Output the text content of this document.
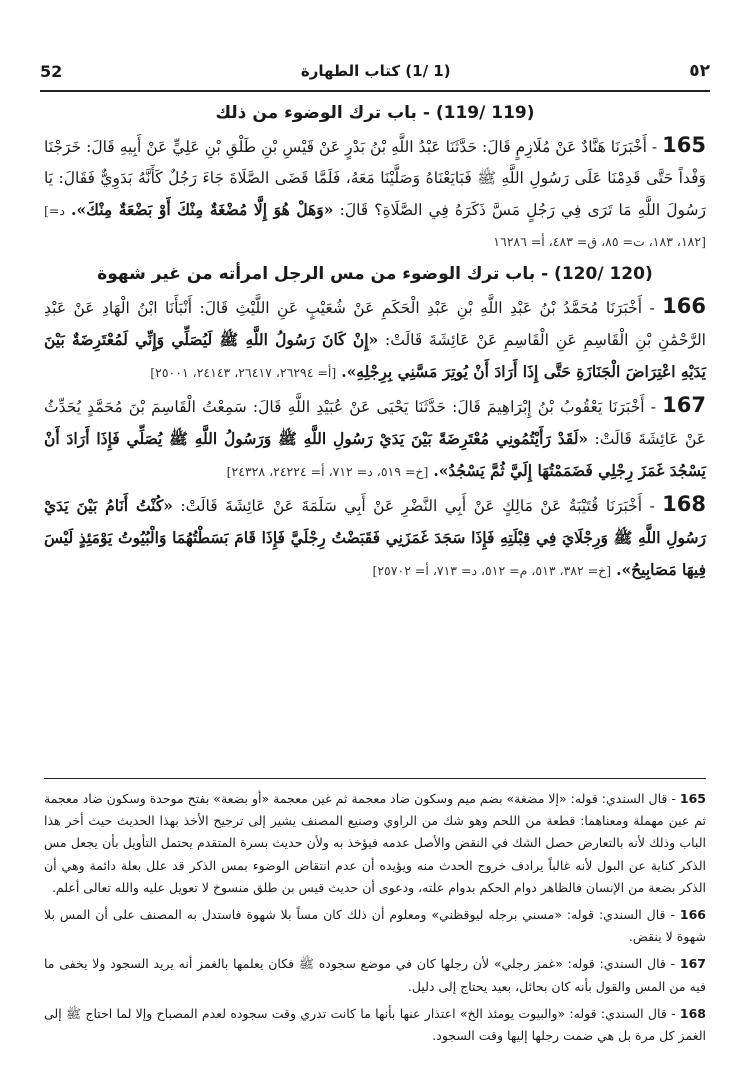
52	(1 /1) كتاب الطهارة	٥٢
(119 /119) - باب ترك الوضوء من ذلك

165 - أَخْبَرَنَا هَنَّادٌ عَنْ مُلَازِمٍ قَالَ: حَدَّثَنَا عَبْدُ اللَّهِ بْنُ بَدْرٍ عَنْ قَيْسِ بْنِ طَلْقِ بْنِ عَلِيٍّ عَنْ أَبِيهِ قَالَ: خَرَجْنَا وَفْداً حَتَّى قَدِمْنَا عَلَى رَسُولِ اللَّهِ ﷺ فَبَايَعْنَاهُ وَصَلَّيْنَا مَعَهُ، فَلَمَّا قَضَى الصَّلَاةَ جَاءَ رَجُلٌ كَأَنَّهُ بَدَوِيٌّ فَقَالَ: يَا رَسُولَ اللَّهِ مَا تَرَى فِي رَجُلٍ مَسَّ ذَكَرَهُ فِي الصَّلَاةِ؟ قَالَ: «وَهَلْ هُوَ إِلَّا مُضْغَةٌ مِنْكَ أَوْ بَضْعَةٌ مِنْكَ». [د= ١٨٢، ١٨٣، ت= ٨٥، ق= ٤٨٣، أ= ١٦٢٨٦]

(120 /120) - باب ترك الوضوء من مس الرجل امرأته من غير شهوة

166 - أَخْبَرَنَا مُحَمَّدُ بْنُ عَبْدِ اللَّهِ بْنِ عَبْدِ الْحَكَمِ عَنْ شُعَيْبٍ عَنِ اللَّيْثِ قَالَ: أَنْبَأَنَا ابْنُ الْهَادِ عَنْ عَبْدِ الرَّحْمَٰنِ بْنِ الْقَاسِمِ عَنِ الْقَاسِمِ عَنْ عَائِشَةَ قَالَتْ: «إِنْ كَانَ رَسُولُ اللَّهِ ﷺ لَيُصَلِّي وَإِنِّي لَمُعْتَرِضَةٌ بَيْنَ يَدَيْهِ اعْتِرَاضَ الْجَنَازَةِ حَتَّى إِذَا أَرَادَ أَنْ يُوتِرَ مَسَّنِي بِرِجْلِهِ». [أ= ٢٦٢٩٤، ٢٦٤١٧، ٢٤١٤٣، ٢٥٠٠١]

167 - أَخْبَرَنَا يَعْقُوبُ بْنُ إِبْرَاهِيمَ قَالَ: حَدَّثَنَا يَحْيَى عَنْ عُبَيْدِ اللَّهِ قَالَ: سَمِعْتُ الْقَاسِمَ بْنَ مُحَمَّدٍ يُحَدِّثُ عَنْ عَائِشَةَ قَالَتْ: «لَقَدْ رَأَيْتُمُونِي مُعْتَرِضَةً بَيْنَ يَدَيْ رَسُولِ اللَّهِ ﷺ وَرَسُولُ اللَّهِ ﷺ يُصَلِّي فَإِذَا أَرَادَ أَنْ يَسْجُدَ غَمَزَ رِجْلِي فَضَمَمْتُهَا إِلَيَّ ثُمَّ يَسْجُدُ». [خ= ٥١٩، د= ٧١٢، أ= ٢٤٢٢٤، ٢٤٣٢٨]

168 - أَخْبَرَنَا قُتَيْبَةُ عَنْ مَالِكٍ عَنْ أَبِي النَّضْرِ عَنْ أَبِي سَلَمَةَ عَنْ عَائِشَةَ قَالَتْ: «كُنْتُ أَنَامُ بَيْنَ يَدَيْ رَسُولِ اللَّهِ ﷺ وَرِجْلَايَ فِي قِبْلَتِهِ فَإِذَا سَجَدَ غَمَزَنِي فَقَبَضْتُ رِجْلَيَّ فَإِذَا قَامَ بَسَطْتُهُمَا وَالْبُيُوتُ يَوْمَئِذٍ لَيْسَ فِيهَا مَصَابِيحُ». [خ= ٣٨٢، ٥١٣، م= ٥١٢، د= ٧١٣، أ= ٢٥٧٠٢]

165 - قال السندي: قوله: «إلا مضغة» بضم ميم وسكون ضاد معجمة ثم غين معجمة «أو بضعة» بفتح موحدة وسكون ضاد معجمة ثم عين مهملة ومعناهما: قطعة من اللحم وهو شك من الراوي وصنيع المصنف يشير إلى ترجيح الأخذ بهذا الحديث حيث أخر هذا الباب وذلك لأنه بالتعارض حصل الشك في النقض والأصل عدمه فيؤخذ به ولأن حديث بسرة المتقدم يحتمل التأويل بأن يجعل مس الذكر كناية عن البول لأنه غالباً يرادف خروج الحدث منه ويؤيده أن عدم انتقاض الوضوء بمس الذكر قد علل بعلة دائمة وهي أن الذكر بضعة من الإنسان فالظاهر دوام الحكم بدوام علته، ودعوى أن حديث قيس بن طلق منسوخ لا تعويل عليه والله تعالى أعلم.

166 - قال السندي: قوله: «مسني برجله ليوقظني» ومعلوم أن ذلك كان مساً بلا شهوة فاستدل به المصنف على أن المس بلا شهوة لا ينقض.

167 - قال السندي: قوله: «غمز رجلي» لأن رجلها كان في موضع سجوده ﷺ فكان يعلمها بالغمز أنه يريد السجود ولا يخفى ما فيه من المس والقول بأنه كان بحائل، بعيد يحتاج إلى دليل.

168 - قال السندي: قوله: «والبيوت يومئذ الخ» اعتذار عنها بأنها ما كانت تدري وقت سجوده لعدم المصباح وإلا لما احتاج ﷺ إلى الغمز كل مرة بل هي ضمت رجلها إليها وقت السجود.
